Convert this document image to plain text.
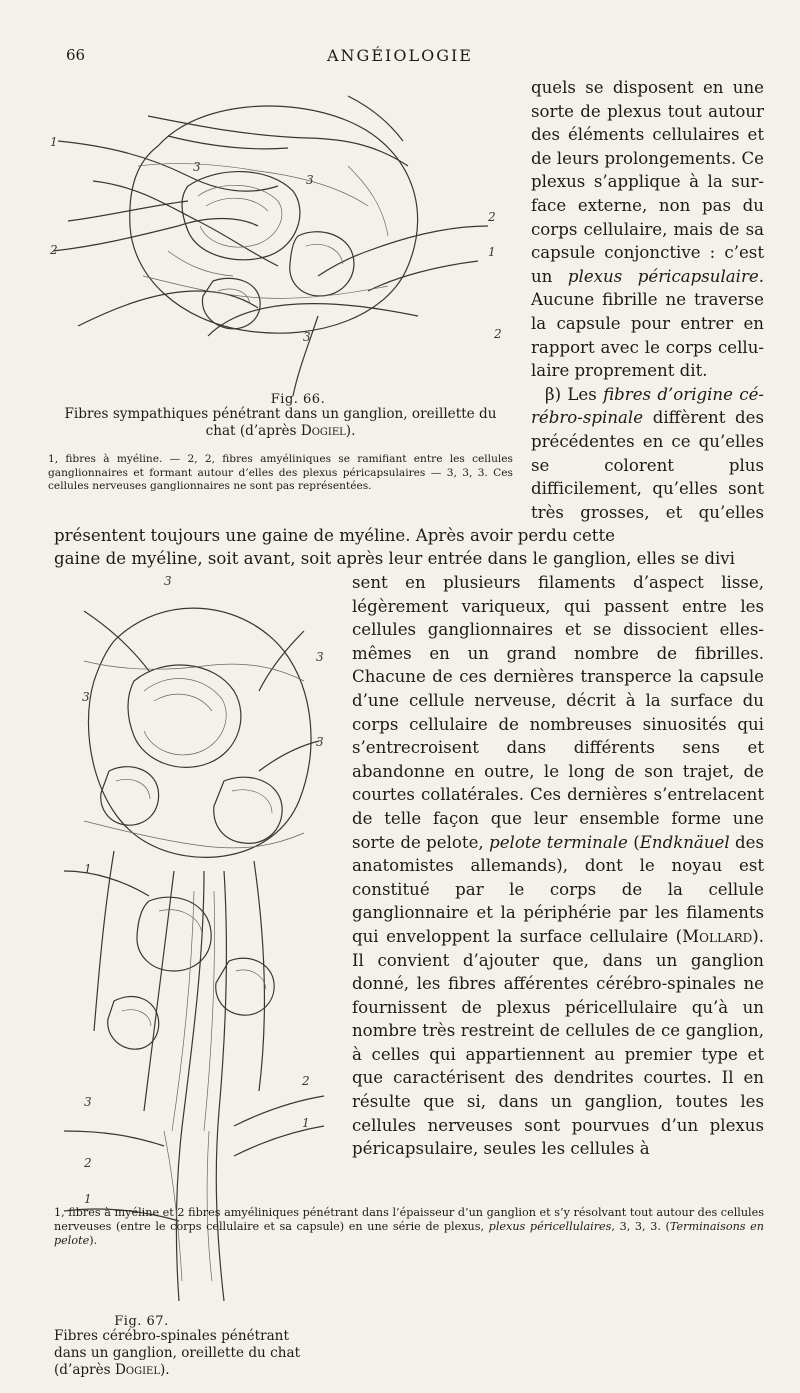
66	ANGÉIOLOGIE
1
2
3
3
3
2
1
2
Fig. 66.
Fibres sympathiques pénétrant dans un ganglion, oreillette du chat (d’après Dogiel).
1, fibres à myéline. — 2, 2, fibres amyéliniques se ramifiant entre les cellules ganglionnaires et formant autour d’elles des plexus péricapsulaires — 3, 3, 3. Ces cellules nerveuses ganglionnaires ne sont pas représentées.

quels se disposent en une sorte de plexus tout autour des éléments cellulaires et de leurs prolongements. Ce plexus s’applique à la surface externe, non pas du corps cellulaire, mais de sa capsule conjonctive : c’est un plexus péricapsulaire. Aucune fibrille ne traverse la capsule pour entrer en rapport avec le corps cellulaire proprement dit.

β) Les fibres d’origine cérébro-spinale diffèrent des précédentes en ce qu’elles se colorent plus difficilement, qu’elles sont très grosses, et qu’elles présentent toujours une gaine de myéline. Après avoir perdu cette

gaine de myéline, soit avant, soit après leur entrée dans le ganglion, elles se divi
3
3
3
3
1
2
1
3
2
1
Fig. 67.
Fibres cérébro-spinales pénétrant dans un ganglion, oreillette du chat (d’après Dogiel).

sent en plusieurs filaments d’aspect lisse, légèrement variqueux, qui passent entre les cellules ganglionnaires et se dissocient elles-mêmes en un grand nombre de fibrilles. Chacune de ces dernières transperce la capsule d’une cellule nerveuse, décrit à la surface du corps cellulaire de nombreuses sinuosités qui s’entrecroisent dans différents sens et abandonne en outre, le long de son trajet, de courtes collatérales. Ces dernières s’entrelacent de telle façon que leur ensemble forme une sorte de pelote, pelote terminale (Endknäuel des anatomistes allemands), dont le noyau est constitué par le corps de la cellule ganglionnaire et la périphérie par les filaments qui enveloppent la surface cellulaire (Mollard). Il convient d’ajouter que, dans un ganglion donné, les fibres afférentes cérébro-spinales ne fournissent de plexus péricellulaire qu’à un nombre très restreint de cellules de ce ganglion, à celles qui appartiennent au premier type et que caractérisent des dendrites courtes. Il en résulte que si, dans un ganglion, toutes les cellules nerveuses sont pourvues d’un plexus péricapsulaire, seules les cellules à

1, fibres à myéline et 2 fibres amyéliniques pénétrant dans l’épaisseur d’un ganglion et s’y résolvant tout autour des cellules nerveuses (entre le corps cellulaire et sa capsule) en une série de plexus, plexus péricellulaires, 3, 3, 3. (Terminaisons en pelote).
